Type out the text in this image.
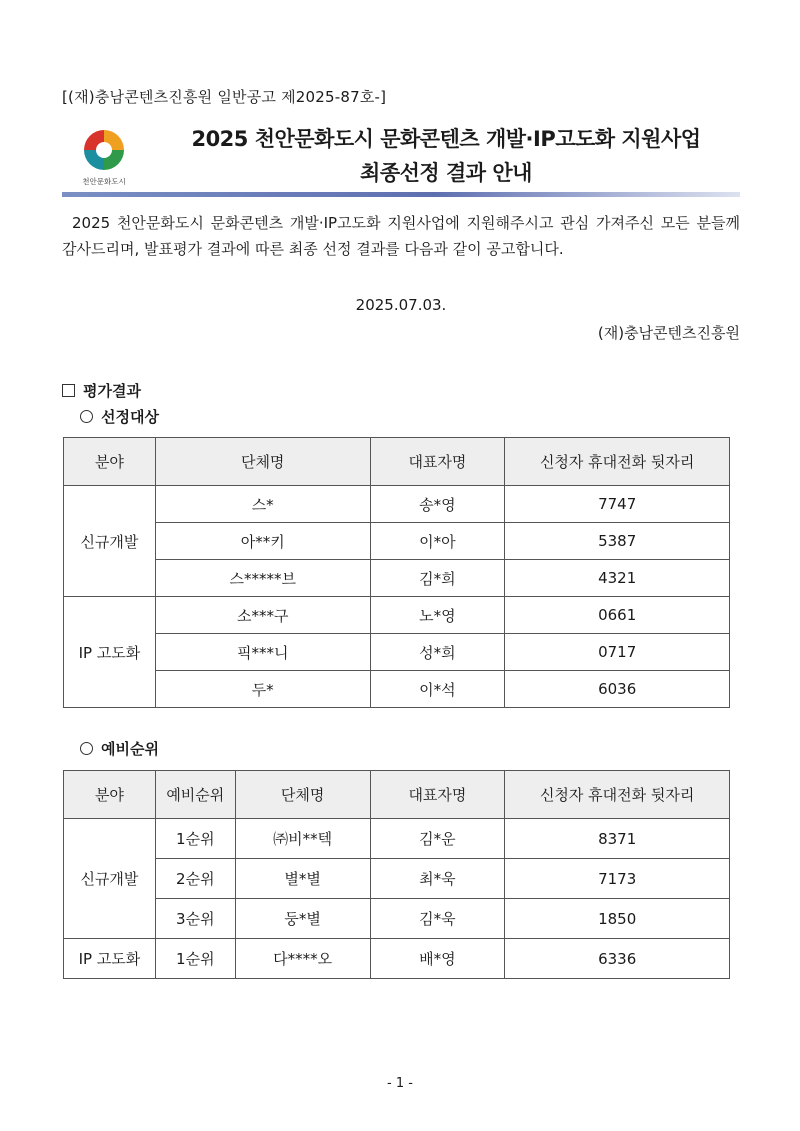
[(재)충남콘텐츠진흥원 일반공고 제2025-87호-]
천안문화도시
2025 천안문화도시 문화콘텐츠 개발·IP고도화 지원사업
최종선정 결과 안내
2025 천안문화도시 문화콘텐츠 개발·IP고도화 지원사업에 지원해주시고 관심 가져주신 모든 분들께 감사드리며, 발표평가 결과에 따른 최종 선정 결과를 다음과 같이 공고합니다.
2025.07.03.
(재)충남콘텐츠진흥원
평가결과
선정대상
분야	단체명	대표자명	신청자 휴대전화 뒷자리
신규개발	스*	송*영	7747
	아**키	이*아	5387
	스*****브	김*희	4321
IP 고도화	소***구	노*영	0661
	픽***니	성*희	0717
	두*	이*석	6036
예비순위
분야	예비순위	단체명	대표자명	신청자 휴대전화 뒷자리
신규개발	1순위	㈜비**텍	김*운	8371
	2순위	별*별	최*욱	7173
	3순위	둥*별	김*욱	1850
IP 고도화	1순위	다****오	배*영	6336
- 1 -
